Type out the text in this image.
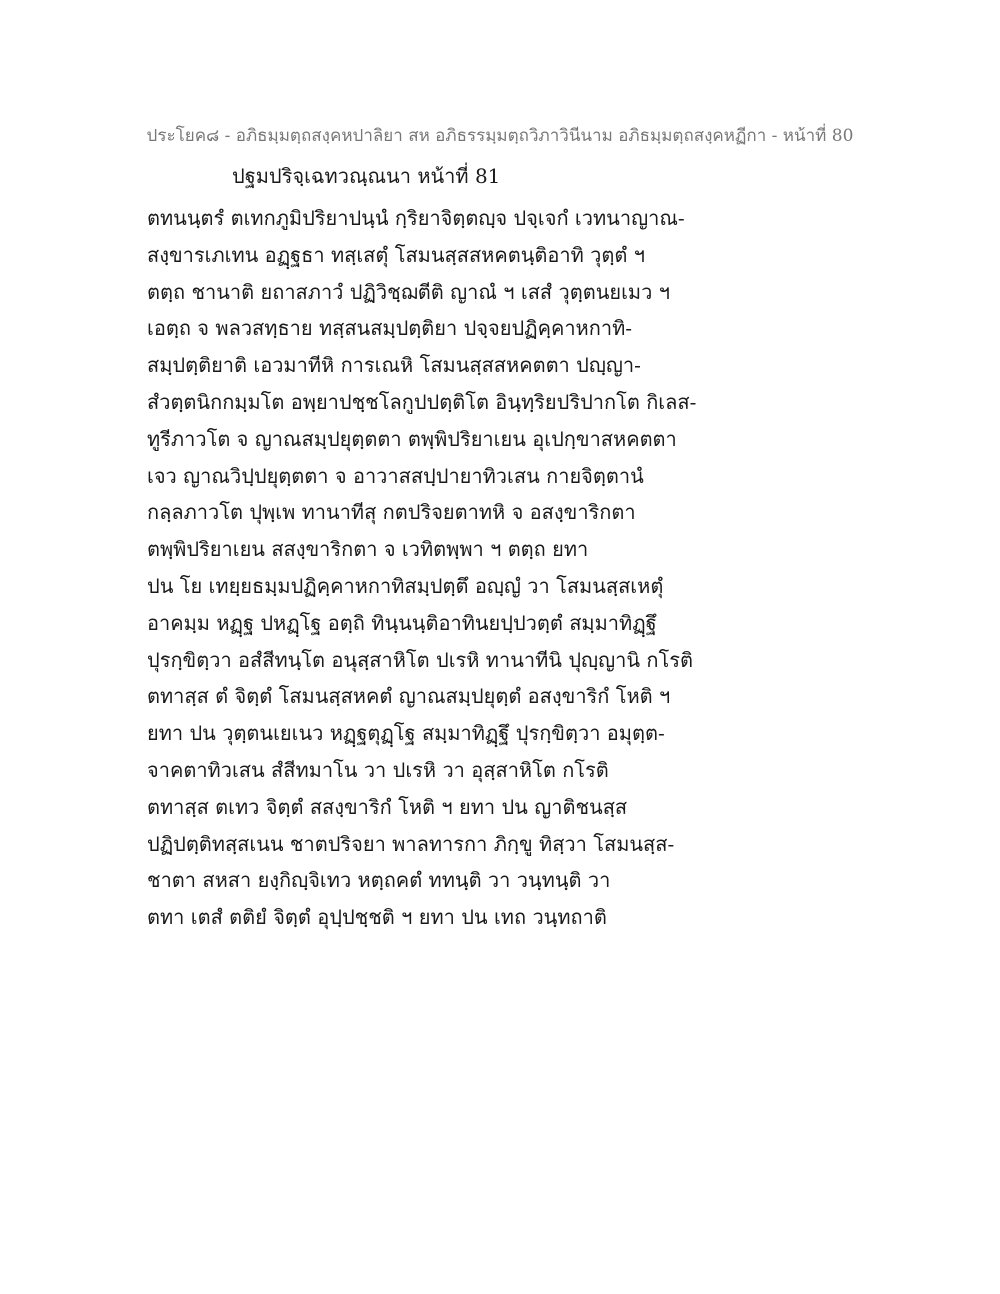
ประโยค๘ - อภิธมฺมตฺถสงฺคหปาลิยา สห อภิธรรมฺมตฺถวิภาวินีนาม อภิธมฺมตฺถสงฺคหฏีกา - หน้าที่ 80
ปฐมปริจฺเฉทวณฺณนา หน้าที่ 81
ตทนนฺตรํ ตเทกภูมิปริยาปนฺนํ กฺริยาจิตฺตญฺจ ปจฺเจกํ เวทนาญาณ-
สงฺขารเภเทน อฏฺฐธา ทสฺเสตุํ โสมนสฺสสหคตนฺติอาทิ วุตฺตํ ฯ
ตตฺถ ชานาติ ยถาสภาวํ ปฏิวิชฺฌตีติ ญาณํ ฯ เสสํ วุตฺตนยเมว ฯ
เอตฺถ จ พลวสทฺธาย ทสฺสนสมฺปตฺติยา ปจฺจยปฏิคฺคาหกาทิ-
สมฺปตฺติยาติ เอวมาทีหิ การเณหิ โสมนสฺสสหคตตา ปญฺญา-
สํวตฺตนิกกมฺมโต อพฺยาปชฺชโลกูปปตฺติโต อินฺทฺริยปริปากโต กิเลส-
ทูรีภาวโต จ ญาณสมฺปยุตฺตตา ตพฺพิปริยาเยน อุเปกฺขาสหคตตา
เจว ญาณวิปฺปยุตฺตตา จ อาวาสสปฺปายาทิวเสน กายจิตฺตานํ
กลฺลภาวโต ปุพฺเพ ทานาทีสุ กตปริจยตาทหิ จ อสงฺขาริกตา
ตพฺพิปริยาเยน สสงฺขาริกตา จ เวทิตพฺพา ฯ ตตฺถ ยทา
ปน โย เทยฺยธมฺมปฏิคฺคาหกาทิสมฺปตฺตึ อญฺญํ วา โสมนสฺสเหตุํ
อาคมฺม หฏฺฐ ปหฏฺโฐ อตฺถิ ทินฺนนฺติอาทินยปฺปวตฺตํ สมฺมาทิฏฺฐึ
ปุรกฺขิตฺวา อสํสีทนฺโต อนุสฺสาหิโต ปเรหิ ทานาทีนิ ปุญฺญานิ กโรติ
ตทาสฺส ตํ จิตฺตํ โสมนสฺสหคตํ ญาณสมฺปยุตฺตํ อสงฺขาริกํ โหติ ฯ
ยทา ปน วุตฺตนเยเนว หฏฺฐตุฏฺโฐ สมฺมาทิฏฺฐึ ปุรกฺขิตฺวา อมุตฺต-
จาคตาทิวเสน สํสีทมาโน วา ปเรหิ วา อุสฺสาหิโต กโรติ
ตทาสฺส ตเทว จิตฺตํ สสงฺขาริกํ โหติ ฯ ยทา ปน ญาติชนสฺส
ปฏิปตฺติทสฺสเนน ชาตปริจยา พาลทารกา ภิกฺขู ทิสฺวา โสมนสฺส-
ชาตา สหสา ยงฺกิญฺจิเทว หตฺถคตํ ททนฺติ วา วนฺทนฺติ วา
ตทา เตสํ ตติยํ จิตฺตํ อุปฺปชฺชติ ฯ ยทา ปน เทถ วนฺทถาติ
